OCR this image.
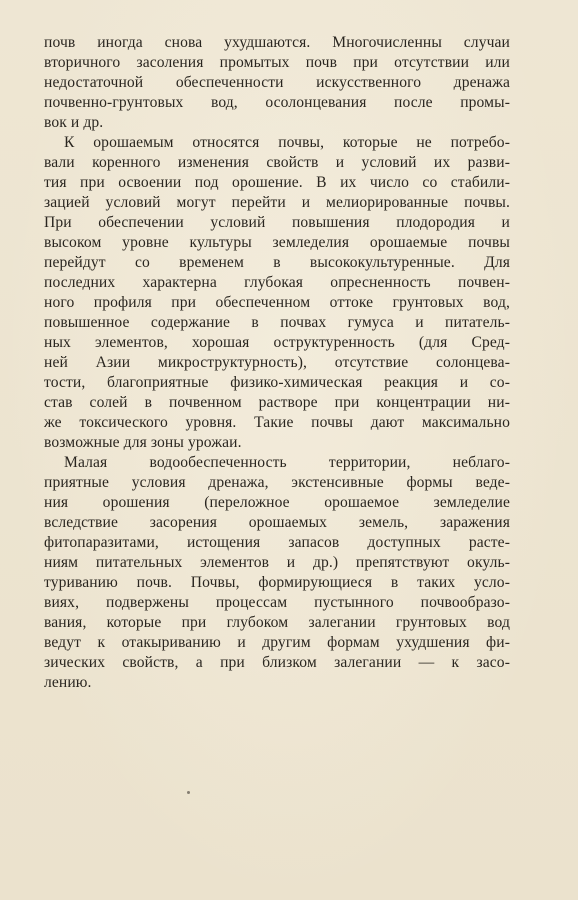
почв иногда снова ухудшаются. Многочисленны случаи
вторичного засоления промытых почв при отсутствии или
недостаточной обеспеченности искусственного дренажа
почвенно-грунтовых вод, осолонцевания после промы-
вок и др.
К орошаемым относятся почвы, которые не потребо-
вали коренного изменения свойств и условий их разви-
тия при освоении под орошение. В их число со стабили-
зацией условий могут перейти и мелиорированные почвы.
При обеспечении условий повышения плодородия и
высоком уровне культуры земледелия орошаемые почвы
перейдут со временем в высококультуренные. Для
последних характерна глубокая опресненность почвен-
ного профиля при обеспеченном оттоке грунтовых вод,
повышенное содержание в почвах гумуса и питатель-
ных элементов, хорошая оструктуренность (для Сред-
ней Азии микроструктурность), отсутствие солонцева-
тости, благоприятные физико-химическая реакция и со-
став солей в почвенном растворе при концентрации ни-
же токсического уровня. Такие почвы дают максимально
возможные для зоны урожаи.
Малая водообеспеченность территории, неблаго-
приятные условия дренажа, экстенсивные формы веде-
ния орошения (переложное орошаемое земледелие
вследствие засорения орошаемых земель, заражения
фитопаразитами, истощения запасов доступных расте-
ниям питательных элементов и др.) препятствуют окуль-
туриванию почв. Почвы, формирующиеся в таких усло-
виях, подвержены процессам пустынного почвообразо-
вания, которые при глубоком залегании грунтовых вод
ведут к отакыриванию и другим формам ухудшения фи-
зических свойств, а при близком залегании — к засо-
лению.
